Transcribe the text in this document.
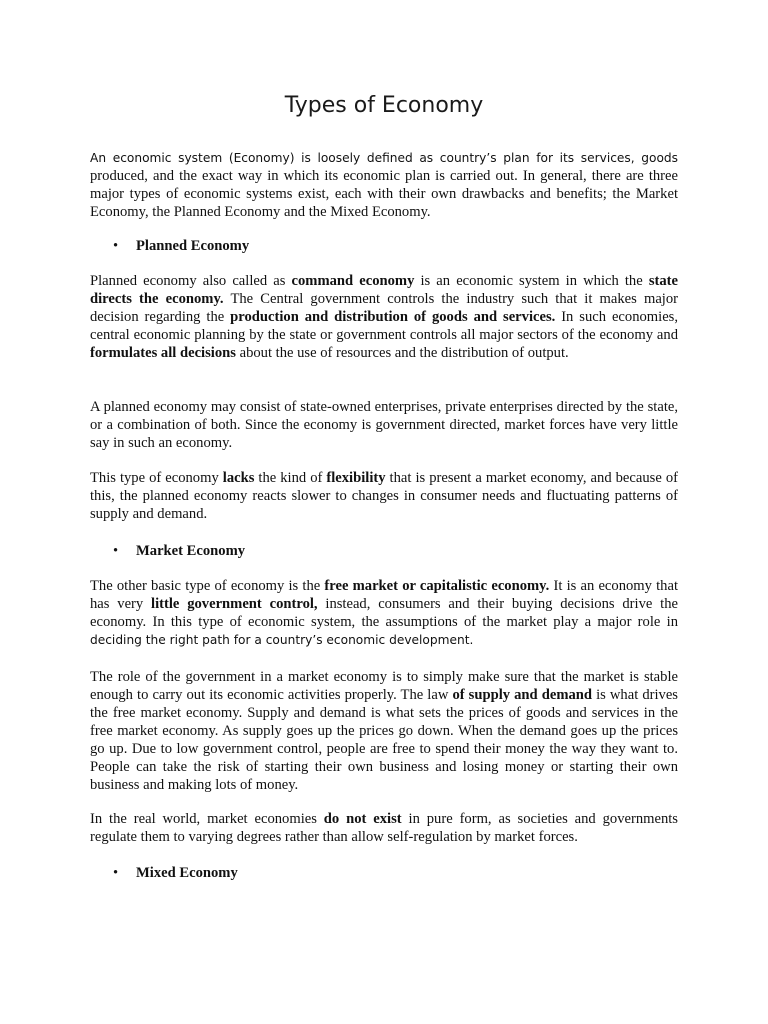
Types of Economy

An economic system (Economy) is loosely defined as country’s plan for its services, goods produced, and the exact way in which its economic plan is carried out. In general, there are three major types of economic systems exist, each with their own drawbacks and benefits; the Market Economy, the Planned Economy and the Mixed Economy.

• Planned Economy

Planned economy also called as command economy is an economic system in which the state directs the economy. The Central government controls the industry such that it makes major decision regarding the production and distribution of goods and services. In such economies, central economic planning by the state or government controls all major sectors of the economy and formulates all decisions about the use of resources and the distribution of output.

A planned economy may consist of state-owned enterprises, private enterprises directed by the state, or a combination of both. Since the economy is government directed, market forces have very little say in such an economy.

This type of economy lacks the kind of flexibility that is present a market economy, and because of this, the planned economy reacts slower to changes in consumer needs and fluctuating patterns of supply and demand.

• Market Economy

The other basic type of economy is the free market or capitalistic economy. It is an economy that has very little government control, instead, consumers and their buying decisions drive the economy. In this type of economic system, the assumptions of the market play a major role in deciding the right path for a country’s economic development.

The role of the government in a market economy is to simply make sure that the market is stable enough to carry out its economic activities properly. The law of supply and demand is what drives the free market economy. Supply and demand is what sets the prices of goods and services in the free market economy. As supply goes up the prices go down. When the demand goes up the prices go up. Due to low government control, people are free to spend their money the way they want to. People can take the risk of starting their own business and losing money or starting their own business and making lots of money.

In the real world, market economies do not exist in pure form, as societies and governments regulate them to varying degrees rather than allow self-regulation by market forces.

• Mixed Economy
